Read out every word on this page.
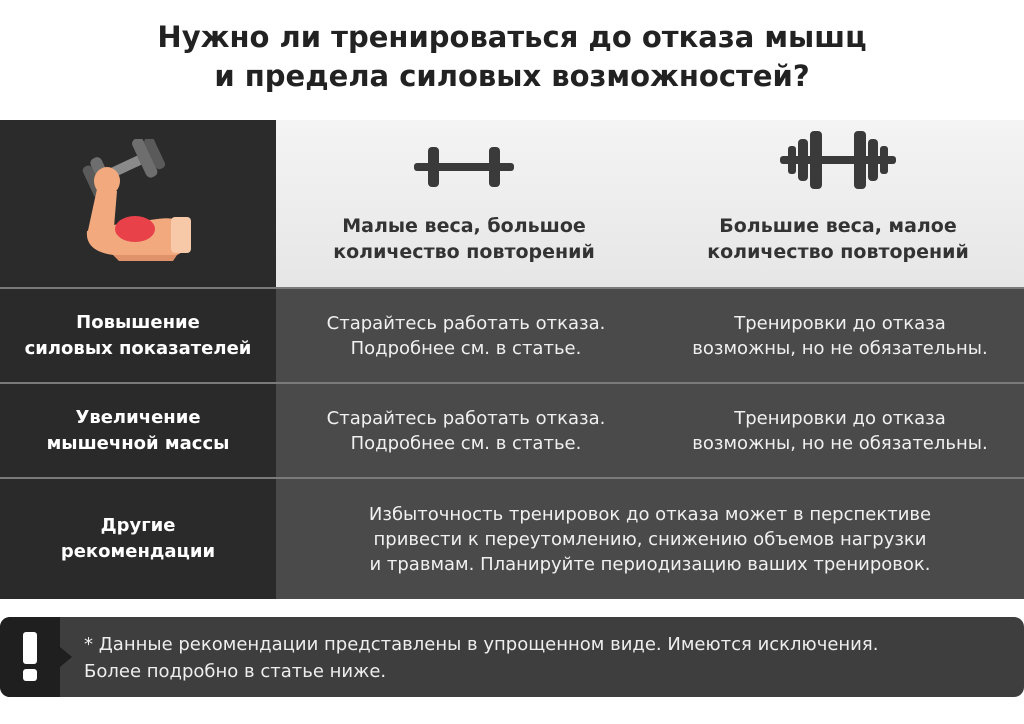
Нужно ли тренироваться до отказа мышц
и предела силовых возможностей?
Малые веса, большое
количество повторений
Большие веса, малое
количество повторений
Повышение
силовых показателей
Старайтесь работать отказа.
Подробнее см. в статье.
Тренировки до отказа
возможны, но не обязательны.
Увеличение
мышечной массы
Старайтесь работать отказа.
Подробнее см. в статье.
Тренировки до отказа
возможны, но не обязательны.
Другие
рекомендации
Избыточность тренировок до отказа может в перспективе
привести к переутомлению, снижению объемов нагрузки
и травмам. Планируйте периодизацию ваших тренировок.
* Данные рекомендации представлены в упрощенном виде. Имеются исключения.
Более подробно в статье ниже.
